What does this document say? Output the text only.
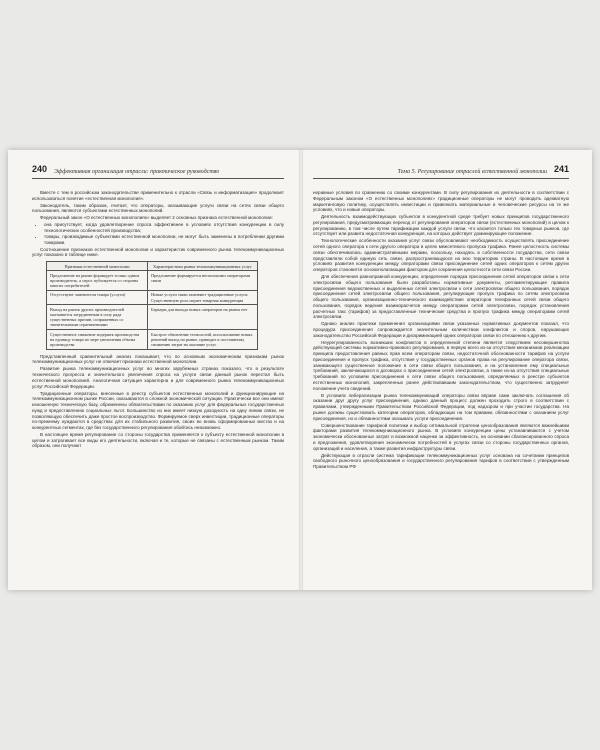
240	Эффективная организация отрасли: практическое руководство

Вместе с тем в российском законодательстве применительно к отрасли «Связь и информатизация» продолжает использоваться понятие «естественная монополия».

Законодатель, таким образом, считает, что операторы, оказывающие услуги связи на сетях связи общего пользования, являются субъектами естественных монополий.

Федеральный закон «О естественных монополиях» выделяет 2 основных признака естественной монополии:

• она присутствует, когда удовлетворение спроса эффективнее в условиях отсутствия конкуренции в силу технологических особенностей производства;
• товары, производимые субъектами естественной монополии, не могут быть заменены в потреблении другими товарами.

Соотношение признаков естественной монополии и характеристик современного рынка телекоммуникационных услуг показано в таблице ниже.

Признаки естественной монополии	Характеристики рынка телекоммуникационных услуг
Предложение на рынке формирует только одним производитель, а спрос публикуется со стороны многих потребителей	Предложение формируется несколькими операторами связи
Отсутствуют заменители товара (услуги)	Новые услуги связи заменяют традиционные услуги. Существенную роль играет товарная конкуренция
Выход на рынок других производителей оказывается затрудненным в силу ряда существенных причин, сопряженных со значительными ограничениями	Барьеры для выхода новых операторов на рынок нет
Существенное снижение издержек производства на единицу товара по мере увеличения объема производства	Быстрое обновление технологий, использование новых решений выход на рынке, приводит к постоянному снижению затрат на оказание услуг

Представленный сравнительный анализ показывает, что по основным экономическим признакам рынок телекоммуникационных услуг не отвечает признаки естественной монополии.

Развитие рынка телекоммуникационных услуг во многих зарубежных странах показало, что в результате технического прогресса и значительного увеличения спроса на услуги связи данный рынок перестал быть естественной монополией. Аналогичная ситуация характерна и для современного рынка телекоммуникационных услуг Российской Федерации.

Традиционные операторы, внесенные в реестр субъектов естественных монополий и функционирующие на телекоммуникационном рынке России, оказываются в сложной экономической ситуации. Практически все они имеют изношенную техническую базу, обременены обязательствами по оказанию услуг для федеральных государственных нужд и предоставлению социальных льгот. Большинство из них имеет низкую доходность на одну линию связи, не позволяющую обеспечить даже простое воспроизводство. Формируемое сверх инвестиции, традиционные операторы по-прежнему нуждаются в средствах для их стабильного развития, своих во вновь сформированных местах и на конкурентных сегментах, где без государственного регулирования обойтись невозможно.

В настоящее время регулирование со стороны государства применяется к субъекту естественной монополии в целом и затрагивает все виды его деятельности, включая и те, которые не связаны с естественным рынком. Таким образом, они получают

241
Тема 5. Регулирование отраслей естественной монополии

неравные условия по сравнению со своими конкурентами. В силу регулирования их деятельности в соответствии с Федеральным законом «О естественных монополиях» традиционные операторы не могут проводить адекватную маркетинговую политику, осуществлять инвестиции и привлекать материальные и человеческие ресурсы на те же условиях, что и новые операторы.

Деятельность взаимодействующих субъектов в конкурентной среде требует новых принципов государственного регулирования, предусматривающих переход от регулирования операторов связи (естественных монополий) в целом к регулированию, в том числе путем тарификации каждой услуги связи, что касается только тех товарных рынков, где отсутствует или развита недостаточная конкуренция, на которых действует доминирующее положение.

Технологические особенности оказания услуг связи обусловливают необходимость осуществлять присоединение сетей одного оператора к сети другого оператора в целях межсетевого пропуска трафика. Ранее целостность системы связи обеспечивалась административными мерами, поскольку, находясь в собственности государства, сети связи представляли собой единую сеть связи, распространяющуюся на всю территорию страны. В настоящее время в условиях развития конкуренции между операторами связи присоединение сетей одних операторов к сетям других операторов становится основополагающим фактором для сохранения целостности сети связи России.

Для обеспечения равноправной конкуренции, определения порядка присоединения сетей операторов связи к сети электросвязи общего пользования были разработаны нормативные документы, регламентирующие правила присоединения ведомственных и выделенных сетей электросвязи к сети электросвязи общего пользования, порядок присоединения сетей электросвязи общего пользования, регулирующие пропуск трафика по сетям электросвязи общего пользования, организационно-технического взаимодействия операторов телефонных сетей связи общего пользования, порядок ведения взаиморасчетов между операторами сетей электросвязи, порядок установления расчетных такс (тарифов) за предоставленные технические средства и пропуск трафика между операторами сетей электросвязи.

Однако анализ практики применения организациями связи указанных нормативных документов показал, что процедура присоединения сопровождается значительным количеством конфликтов и споров, нарушающих законодательство Российской Федерации и дискриминацией одних операторов связи по отношению к другим.

Неурегулированность возникших конфликтов в определенной степени является следствием несовершенства действующей системы нормативно-правового регулирования, в первую всего из-за отсутствия механизмов реализации принципа предоставления равных прав всем операторам связи, недостаточной обоснованности тарифов на услуги присоединения и пропуск трафика, отсутствия у государственных органов права на регулирование оператора связи, занимающего существенное положение в сети связи общего пользования, и на установление ему специальных требований, заключающихся в договорах о присоединении сетей электросвязи, а также из-за отсутствия специальных требований по условиям присоединения к сети связи общего пользования, определяемых в реестре субъектов естественных монополий, закрепленных ранее действовавшим законодательством, что существенно затрудняет положение учета сведений.

В условиях либерализации рынка телекоммуникаций операторы связи вправе сами заключать соглашения об оказании друг другу услуг присоединения, однако данный процесс должен проходить строго в соответствии с правилами, утвержденными Правительством Российской Федерации, под надзором и при участии государства. На рынке должны существовать категории операторов, обладающих на том правами, обязанностями с оказанием услуг присоединения, но и обязанностями оказывать услуги присоединения.

Совершенствование тарифной политики и выбор оптимальной стратегии ценообразования являются важнейшими факторами развития телекоммуникационного рынка. В условиях конкуренции цены устанавливаются с учетом экономически обоснованных затрат и возможной наценки за эффективность, на основании сбалансированного спроса и предложения, удовлетворения экономически потребностей в услугах связи со стороны государственных органов, организаций и населения, а также развития инфраструктуры связи.

Действующая в отрасли система тарификации телекоммуникационных услуг основана на сочетании принципов свободного рыночного ценообразования и государственного регулирования тарифов в соответствии с утвержденным Правительством РФ
